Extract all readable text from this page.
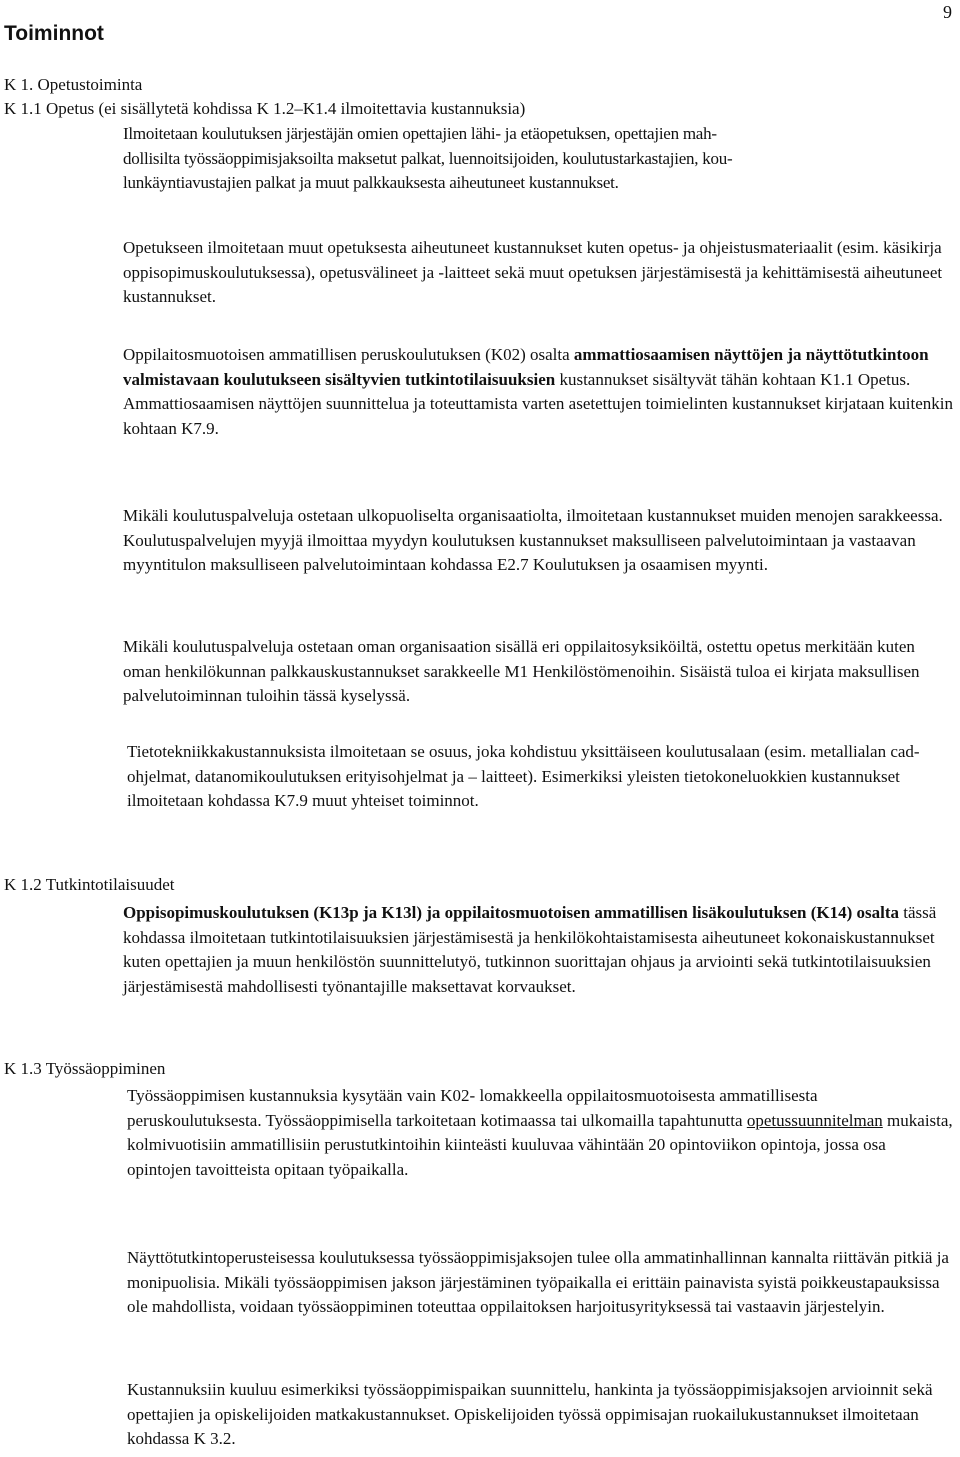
9
Toiminnot
K 1. Opetustoiminta
K 1.1 Opetus (ei sisällytetä kohdissa K 1.2–K1.4 ilmoitettavia kustannuksia)
Ilmoitetaan koulutuksen järjestäjän omien opettajien lähi- ja etäopetuksen, opettajien mah-
dollisilta työssäoppimisjaksoilta maksetut palkat, luennoitsijoiden, koulutustarkastajien, kou-
lunkäyntiavustajien palkat ja muut palkkauksesta aiheutuneet kustannukset.

Opetukseen ilmoitetaan muut opetuksesta aiheutuneet kustannukset kuten opetus- ja ohjeistusmateriaalit (esim. käsikirja oppisopimuskoulutuksessa), opetusvälineet ja -laitteet sekä muut opetuksen järjestämisestä ja kehittämisestä aiheutuneet kustannukset.

Oppilaitosmuotoisen ammatillisen peruskoulutuksen (K02) osalta ammattiosaamisen näyttöjen ja näyttötutkintoon valmistavaan koulutukseen sisältyvien tutkintotilaisuuksien kustannukset sisältyvät tähän kohtaan K1.1 Opetus. Ammattiosaamisen näyttöjen suunnittelua ja toteuttamista varten asetettujen toimielinten kustannukset kirjataan kuitenkin kohtaan K7.9.

Mikäli koulutuspalveluja ostetaan ulkopuoliselta organisaatiolta, ilmoitetaan kustannukset muiden menojen sarakkeessa. Koulutuspalvelujen myyjä ilmoittaa myydyn koulutuksen kustannukset maksulliseen palvelutoimintaan ja vastaavan myyntitulon maksulliseen palvelutoimintaan kohdassa E2.7 Koulutuksen ja osaamisen myynti.

Mikäli koulutuspalveluja ostetaan oman organisaation sisällä eri oppilaitosyksiköiltä, ostettu opetus merkitään kuten oman henkilökunnan palkkauskustannukset sarakkeelle M1 Henkilöstömenoihin. Sisäistä tuloa ei kirjata maksullisen palvelutoiminnan tuloihin tässä kyselyssä.

Tietotekniikkakustannuksista ilmoitetaan se osuus, joka kohdistuu yksittäiseen koulutusalaan (esim. metallialan cad-ohjelmat, datanomikoulutuksen erityisohjelmat ja – laitteet). Esimerkiksi yleisten tietokoneluokkien kustannukset ilmoitetaan kohdassa K7.9 muut yhteiset toiminnot.

K 1.2 Tutkintotilaisuudet

Oppisopimuskoulutuksen (K13p ja K13l) ja oppilaitosmuotoisen ammatillisen lisäkoulutuksen (K14) osalta tässä kohdassa ilmoitetaan tutkintotilaisuuksien järjestämisestä ja henkilökohtaistamisesta aiheutuneet kokonaiskustannukset kuten opettajien ja muun henkilöstön suunnittelutyö, tutkinnon suorittajan ohjaus ja arviointi sekä tutkintotilaisuuksien järjestämisestä mahdollisesti työnantajille maksettavat korvaukset.

K 1.3 Työssäoppiminen

Työssäoppimisen kustannuksia kysytään vain K02- lomakkeella oppilaitosmuotoisesta ammatillisesta peruskoulutuksesta. Työssäoppimisella tarkoitetaan kotimaassa tai ulkomailla tapahtunutta opetussuunnitelman mukaista, kolmivuotisiin ammatillisiin perustutkintoihin kiinteästi kuuluvaa vähintään 20 opintoviikon opintoja, jossa osa opintojen tavoitteista opitaan työpaikalla.

Näyttötutkintoperusteisessa koulutuksessa työssäoppimisjaksojen tulee olla ammatinhallinnan kannalta riittävän pitkiä ja monipuolisia. Mikäli työssäoppimisen jakson järjestäminen työpaikalla ei erittäin painavista syistä poikkeustapauksissa ole mahdollista, voidaan työssäoppiminen toteuttaa oppilaitoksen harjoitusyrityksessä tai vastaavin järjestelyin.

Kustannuksiin kuuluu esimerkiksi työssäoppimispaikan suunnittelu, hankinta ja työssäoppimisjaksojen arvioinnit sekä opettajien ja opiskelijoiden matkakustannukset. Opiskelijoiden työssä oppimisajan ruokailukustannukset ilmoitetaan kohdassa K 3.2.
